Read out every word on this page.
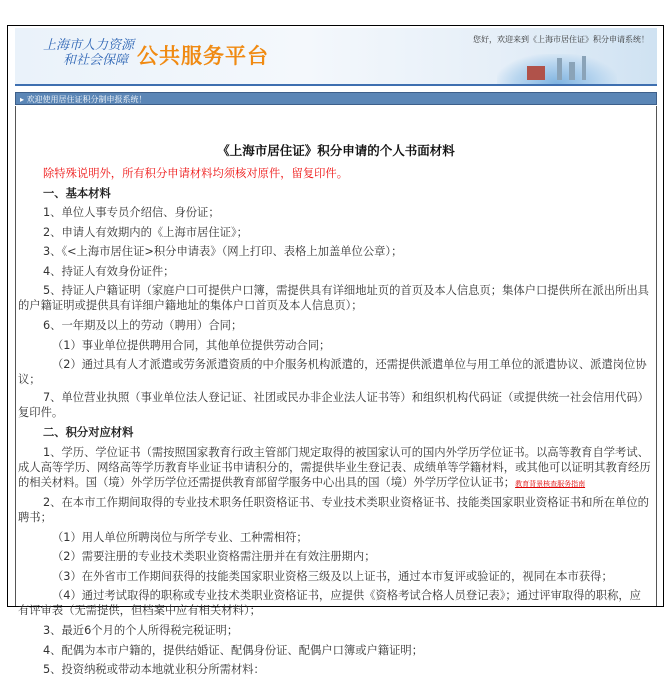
上海市人力资源
和社会保障 公共服务平台
您好，欢迎来到《上海市居住证》积分申请系统！
▸ 欢迎使用居住证积分制申报系统！
《上海市居住证》积分申请的个人书面材料

除特殊说明外，所有积分申请材料均须核对原件，留复印件。

一、基本材料

1、单位人事专员介绍信、身份证；

2、申请人有效期内的《上海市居住证》；

3、《<上海市居住证>积分申请表》（网上打印、表格上加盖单位公章）；

4、持证人有效身份证件；

5、持证人户籍证明（家庭户口可提供户口簿，需提供具有详细地址页的首页及本人信息页；集体户口提供所在派出所出具的户籍证明或提供具有详细户籍地址的集体户口首页及本人信息页）；

6、一年期及以上的劳动（聘用）合同；

（1）事业单位提供聘用合同，其他单位提供劳动合同；

（2）通过具有人才派遣或劳务派遣资质的中介服务机构派遣的，还需提供派遣单位与用工单位的派遣协议、派遣岗位协议；

7、单位营业执照（事业单位法人登记证、社团或民办非企业法人证书等）和组织机构代码证（或提供统一社会信用代码）复印件。

二、积分对应材料

1、学历、学位证书（需按照国家教育行政主管部门规定取得的被国家认可的国内外学历学位证书。以高等教育自学考试、成人高等学历、网络高等学历教育毕业证书申请积分的，需提供毕业生登记表、成绩单等学籍材料，或其他可以证明其教育经历的相关材料。国（境）外学历学位还需提供教育部留学服务中心出具的国（境）外学历学位认证书；教育背景核查服务指南

2、在本市工作期间取得的专业技术职务任职资格证书、专业技术类职业资格证书、技能类国家职业资格证书和所在单位的聘书；

（1）用人单位所聘岗位与所学专业、工种需相符；

（2）需要注册的专业技术类职业资格需注册并在有效注册期内；

（3）在外省市工作期间获得的技能类国家职业资格三级及以上证书，通过本市复评或验证的，视同在本市获得；

（4）通过考试取得的职称或专业技术类职业资格证书，应提供《资格考试合格人员登记表》；通过评审取得的职称，应有评审表（无需提供，但档案中应有相关材料）；

3、最近6个月的个人所得税完税证明；

4、配偶为本市户籍的，提供结婚证、配偶身份证、配偶户口簿或户籍证明；

5、投资纳税或带动本地就业积分所需材料：
